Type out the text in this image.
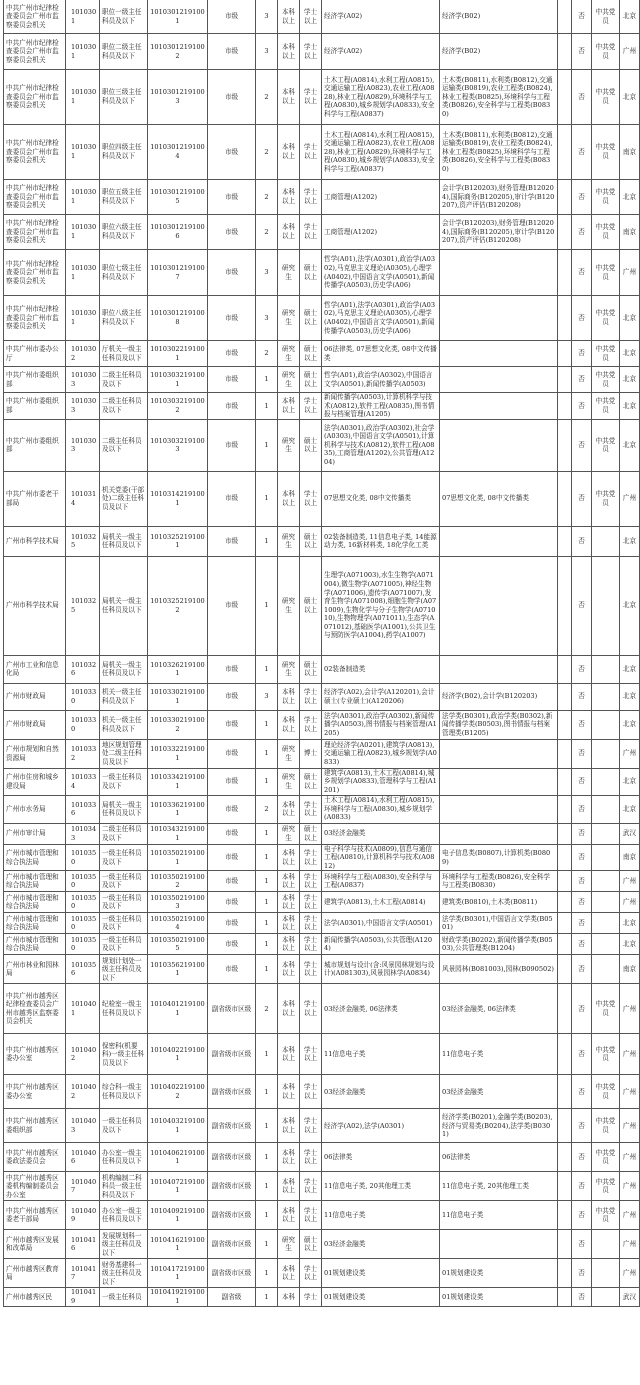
中共广州市纪律检查委员会广州市监察委员会机关	1010301	职位一级主任科员及以下	10103012191001	市级	3	本科以上	学士以上	经济学(A02)	经济学(B02)		否	中共党员	北京
中共广州市纪律检查委员会广州市监察委员会机关	1010301	职位二级主任科员及以下	10103012191002	市级	3	本科以上	学士以上	经济学(A02)	经济学(B02)		否	中共党员	广州
中共广州市纪律检查委员会广州市监察委员会机关	1010301	职位三级主任科员及以下	10103012191003	市级	2	本科以上	学士以上	土木工程(A0814),水利工程(A0815),交通运输工程(A0823),农业工程(A0828),林业工程(A0829),环境科学与工程(A0830),城乡规划学(A0833),安全科学与工程(A0837)	土木类(B0811),水利类(B0812),交通运输类(B0819),农业工程类(B0824),林业工程类(B0825),环境科学与工程类(B0826),安全科学与工程类(B0830)		否	中共党员	北京
中共广州市纪律检查委员会广州市监察委员会机关	1010301	职位四级主任科员及以下	10103012191004	市级	2	本科以上	学士以上	土木工程(A0814),水利工程(A0815),交通运输工程(A0823),农业工程(A0828),林业工程(A0829),环境科学与工程(A0830),城乡规划学(A0833),安全科学与工程(A0837)	土木类(B0811),水利类(B0812),交通运输类(B0819),农业工程类(B0824),林业工程类(B0825),环境科学与工程类(B0826),安全科学与工程类(B0830)		否	中共党员	南京
中共广州市纪律检查委员会广州市监察委员会机关	1010301	职位五级主任科员及以下	10103012191005	市级	2	本科以上	学士以上	工商管理(A1202)	会计学(B120203),财务管理(B120204),国际商务(B120205),审计学(B120207),资产评估(B120208)		否	中共党员	北京
中共广州市纪律检查委员会广州市监察委员会机关	1010301	职位六级主任科员及以下	10103012191006	市级	2	本科以上	学士以上	工商管理(A1202)	会计学(B120203),财务管理(B120204),国际商务(B120205),审计学(B120207),资产评估(B120208)		否	中共党员	南京
中共广州市纪律检查委员会广州市监察委员会机关	1010301	职位七级主任科员及以下	10103012191007	市级	3	研究生	硕士以上	哲学(A01),法学(A0301),政治学(A0302),马克思主义理论(A0305),心理学(A0402),中国语言文学(A0501),新闻传播学(A0503),历史学(A06)			否	中共党员	广州
中共广州市纪律检查委员会广州市监察委员会机关	1010301	职位八级主任科员及以下	10103012191008	市级	3	研究生	硕士以上	哲学(A01),法学(A0301),政治学(A0302),马克思主义理论(A0305),心理学(A0402),中国语言文学(A0501),新闻传播学(A0503),历史学(A06)			否	中共党员	北京
中共广州市委办公厅	1010302	厅机关一级主任科员及以下	10103022191001	市级	2	研究生	硕士以上	06法律类, 07思想文化类, 08中文传播类			否	中共党员	北京
中共广州市委组织部	1010303	二级主任科员及以下	10103032191001	市级	1	研究生	硕士以上	哲学(A01),政治学(A0302),中国语言文学(A0501),新闻传播学(A0503)			否	中共党员	北京
中共广州市委组织部	1010303	二级主任科员及以下	10103032191002	市级	1	本科以上	学士以上	新闻传播学(A0503),计算机科学与技术(A0812),软件工程(A0835),图书情报与档案管理(A1205)			否	中共党员	北京
中共广州市委组织部	1010303	二级主任科员及以下	10103032191003	市级	1	研究生	硕士以上	法学(A0301),政治学(A0302),社会学(A0303),中国语言文学(A0501),计算机科学与技术(A0812),软件工程(A0835),工商管理(A1202),公共管理(A1204)			否	中共党员	北京
中共广州市委老干部局	1010314	机关党委(干部处)二级主任科员及以下	10103142191001	市级	1	本科以上	学士以上	07思想文化类, 08中文传播类	07思想文化类, 08中文传播类		否	中共党员	广州
广州市科学技术局	1010325	局机关一级主任科员及以下	10103252191001	市级	1	研究生	硕士以上	02装备制造类, 11信息电子类, 14能源动力类, 16新材料类, 18化学化工类			否		北京
广州市科学技术局	1010325	局机关一级主任科员及以下	10103252191002	市级	1	研究生	硕士以上	生理学(A071003),水生生物学(A071004),微生物学(A071005),神经生物学(A071006),遗传学(A071007),发育生物学(A071008),细胞生物学(A071009),生物化学与分子生物学(A071010),生物物理学(A071011),生态学(A071012),基础医学(A1001),公共卫生与预防医学(A1004),药学(A1007)			否		北京
广州市工业和信息化局	1010326	局机关一级主任科员及以下	10103262191001	市级	1	研究生	硕士以上	02装备制造类			否		北京
广州市财政局	1010330	机关一级主任科员及以下	10103302191001	市级	3	本科以上	学士以上	经济学(A02),会计学(A120201),会计硕士(专业硕士)(A120206)	经济学(B02),会计学(B120203)		否		北京
广州市财政局	1010330	机关一级主任科员及以下	10103302191002	市级	1	本科以上	学士以上	法学(A0301),政治学(A0302),新闻传播学(A0503),图书情报与档案管理(A1205)	法学类(B0301),政治学类(B0302),新闻传播学类(B0503),图书情报与档案管理类(B1205)		否		北京
广州市规划和自然资源局	1010332	地区规划管理处二级主任科员及以下	10103322191001	市级	1	研究生	博士	理论经济学(A0201),建筑学(A0813),交通运输工程(A0823),城乡规划学(A0833)			否		广州
广州市住房和城乡建设局	1010334	一级主任科员及以下	10103342191001	市级	1	研究生	硕士以上	建筑学(A0813),土木工程(A0814),城乡规划学(A0833),管理科学与工程(A1201)			否		北京
广州市水务局	1010336	局机关一级主任科员及以下	10103362191001	市级	2	本科以上	学士以上	土木工程(A0814),水利工程(A0815),环境科学与工程(A0830),城乡规划学(A0833)			否		北京
广州市审计局	1010343	二级主任科员及以下	10103432191001	市级	1	研究生	硕士以上	03经济金融类			否		武汉
广州市城市管理和综合执法局	1010350	一级主任科员及以下	10103502191001	市级	1	本科以上	学士以上	电子科学与技术(A0809),信息与通信工程(A0810),计算机科学与技术(A0812)	电子信息类(B0807),计算机类(B0809)		否		南京
广州市城市管理和综合执法局	1010350	一级主任科员及以下	10103502191002	市级	1	本科以上	学士以上	环境科学与工程(A0830),安全科学与工程(A0837)	环境科学与工程类(B0826),安全科学与工程类(B0830)		否		广州
广州市城市管理和综合执法局	1010350	一级主任科员及以下	10103502191003	市级	1	本科以上	学士以上	建筑学(A0813),土木工程(A0814)	建筑类(B0810),土木类(B0811)		否		广州
广州市城市管理和综合执法局	1010350	一级主任科员及以下	10103502191004	市级	1	本科以上	学士以上	法学(A0301),中国语言文学(A0501)	法学类(B0301),中国语言文学类(B0501)		否		北京
广州市城市管理和综合执法局	1010350	一级主任科员及以下	10103502191005	市级	1	本科以上	学士以上	新闻传播学(A0503),公共管理(A1204)	财政学类(B0202),新闻传播学类(B0503),公共管理类(B1204)		否		北京
广州市林业和园林局	1010356	规划计划处一级主任科员及以下	10103562191001	市级	1	本科以上	学士以上	城市规划与设计(含:风景园林规划与设计)(A081303),风景园林学(A0834)	风景园林(B081003),园林(B090502)		否		南京
中共广州市越秀区纪律检查委员会广州市越秀区监察委员会机关	1010401	纪检室一级主任科员及以下	10104012191001	副省级市区级	2	本科以上	学士以上	03经济金融类, 06法律类	03经济金融类, 06法律类		否	中共党员	广州
中共广州市越秀区委办公室	1010402	保密科(机要科)一级主任科员及以下	10104022191001	副省级市区级	1	本科以上	学士以上	11信息电子类	11信息电子类		否	中共党员	广州
中共广州市越秀区委办公室	1010402	综合科一级主任科员及以下	10104022191002	副省级市区级	1	本科以上	学士以上	03经济金融类	03经济金融类		否	中共党员	广州
中共广州市越秀区委组织部	1010403	一级主任科员及以下	10104032191001	副省级市区级	1	本科以上	学士以上	经济学(A02),法学(A0301)	经济学类(B0201),金融学类(B0203),经济与贸易类(B0204),法学类(B0301)		否	中共党员	广州
中共广州市越秀区委政法委员会	1010406	办公室一级主任科员及以下	10104062191001	副省级市区级	1	本科以上	学士以上	06法律类	06法律类		否	中共党员	广州
中共广州市越秀区委机构编制委员会办公室	1010407	机构编制二科科员一级主任科员及以下	10104072191001	副省级市区级	1	本科以上	学士以上	11信息电子类, 20其他理工类	11信息电子类, 20其他理工类		否	中共党员	广州
中共广州市越秀区委老干部局	1010409	办公室一级主任科员及以下	10104092191001	副省级市区级	1	本科以上	学士以上	11信息电子类	11信息电子类		否	中共党员	广州
广州市越秀区发展和改革局	1010416	发展规划科一级主任科员及以下	10104162191001	副省级市区级	1	研究生	硕士以上	03经济金融类			否		广州
广州市越秀区教育局	1010417	财务基建科一级主任科员及以下	10104172191001	副省级市区级	1	本科以上	学士以上	01规划建设类	01规划建设类		否		广州
广州市越秀区民	1010419	一级主任科员	10104192191001	副省级	1	本科	学士	01规划建设类	01规划建设类		否		武汉
